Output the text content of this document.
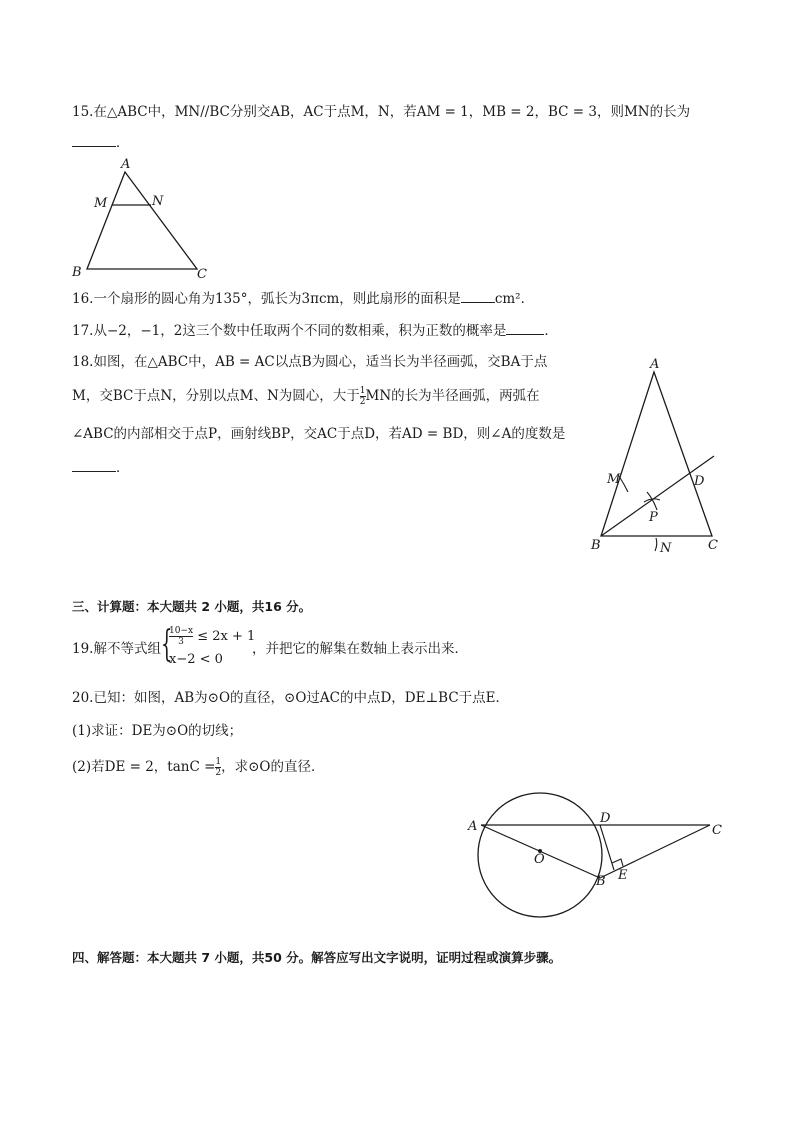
15.在△ABC中，MN//BC分别交AB，AC于点M，N，若AM = 1，MB = 2，BC = 3，则MN的长为
．
A
M	N
B	C
16.一个扇形的圆心角为135°，弧长为3πcm，则此扇形的面积是	cm²．
17.从−2，−1，2这三个数中任取两个不同的数相乘，积为正数的概率是	．
18.如图，在△ABC中，AB = AC以点B为圆心，适当长为半径画弧，交BA于点
M，交BC于点N，分别以点M、N为圆心，大于 $\frac{1}{2}$ MN的长为半径画弧，两弧在
∠ABC的内部相交于点P，画射线BP，交AC于点D，若AD = BD，则∠A的度数是
．
A
M	D
P
B	N	C
三、计算题：本大题共 2 小题，共16 分。
19.解不等式组 {
$\frac{10-x}{3} \le 2x + 1$
x−2 < 0
，并把它的解集在数轴上表示出来．
20.已知：如图，AB为⊙O的直径，⊙O过AC的中点D，DE⊥BC于点E．
(1)求证：DE为⊙O的切线；
(2)若DE = 2，$\tan C = \frac{1}{2}$ ，求⊙O的直径．
A
D
C
O
B E
四、解答题：本大题共 7 小题，共50 分。解答应写出文字说明，证明过程或演算步骤。
